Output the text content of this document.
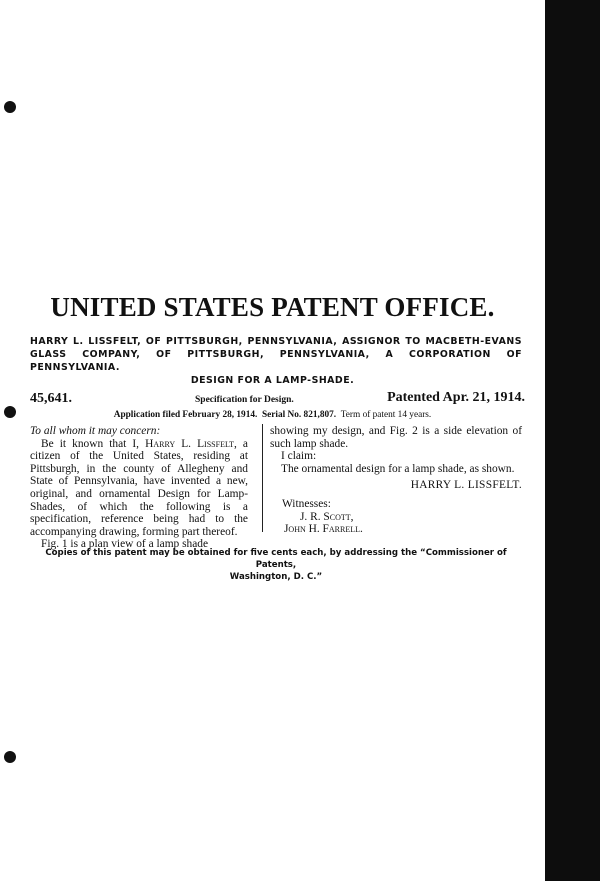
UNITED STATES PATENT OFFICE.
HARRY L. LISSFELT, OF PITTSBURGH, PENNSYLVANIA, ASSIGNOR TO MACBETH-EVANS GLASS COMPANY, OF PITTSBURGH, PENNSYLVANIA, A CORPORATION OF PENNSYLVANIA.
DESIGN FOR A LAMP-SHADE.
45,641.	Specification for Design.	Patented Apr. 21, 1914.
Application filed February 28, 1914. Serial No. 821,807. Term of patent 14 years.

To all whom it may concern:

Be it known that I, Harry L. Lissfelt, a citizen of the United States, residing at Pittsburgh, in the county of Allegheny and State of Pennsylvania, have invented a new, original, and ornamental Design for Lamp-Shades, of which the following is a specification, reference being had to the accompanying drawing, forming part thereof.

Fig. 1 is a plan view of a lamp shade

showing my design, and Fig. 2 is a side elevation of such lamp shade.

I claim:

The ornamental design for a lamp shade, as shown.

HARRY L. LISSFELT.

Witnesses:

J. R. Scott,

John H. Farrell.

Copies of this patent may be obtained for five cents each, by addressing the “Commissioner of Patents,
Washington, D. C.”
